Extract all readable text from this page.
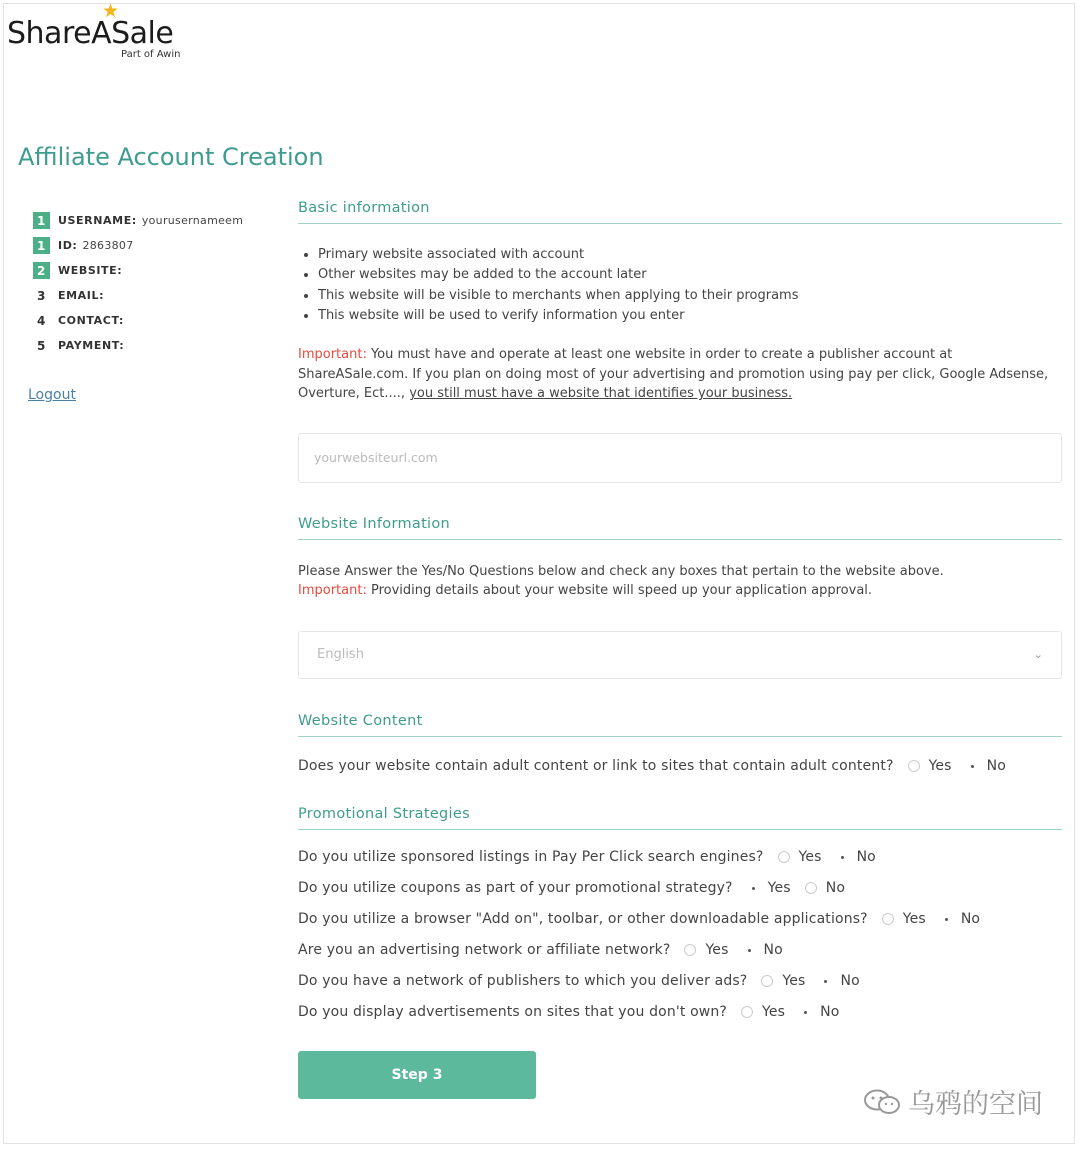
★
ShareASale
Part of Awin
Affiliate Account Creation
1	USERNAME: yourusernameem
1	ID: 2863807
2	WEBSITE:
3	EMAIL:
4	CONTACT:
5	PAYMENT:
Logout
Basic information
• Primary website associated with account
• Other websites may be added to the account later
• This website will be visible to merchants when applying to their programs
• This website will be used to verify information you enter

Important: You must have and operate at least one website in order to create a publisher account at ShareASale.com. If you plan on doing most of your advertising and promotion using pay per click, Google Adsense, Overture, Ect...., you still must have a website that identifies your business.

yourwebsiteurl.com
Website Information

Please Answer the Yes/No Questions below and check any boxes that pertain to the website above.
Important: Providing details about your website will speed up your application approval.

English	⌄
Website Content
Does your website contain adult content or link to sites that contain adult content?	Yes	No
Promotional Strategies
Do you utilize sponsored listings in Pay Per Click search engines?	Yes	No
Do you utilize coupons as part of your promotional strategy?	Yes	No
Do you utilize a browser "Add on", toolbar, or other downloadable applications?	Yes	No
Are you an advertising network or affiliate network?	Yes	No
Do you have a network of publishers to which you deliver ads?	Yes	No
Do you display advertisements on sites that you don't own?	Yes	No
Step 3
乌鸦的空间
